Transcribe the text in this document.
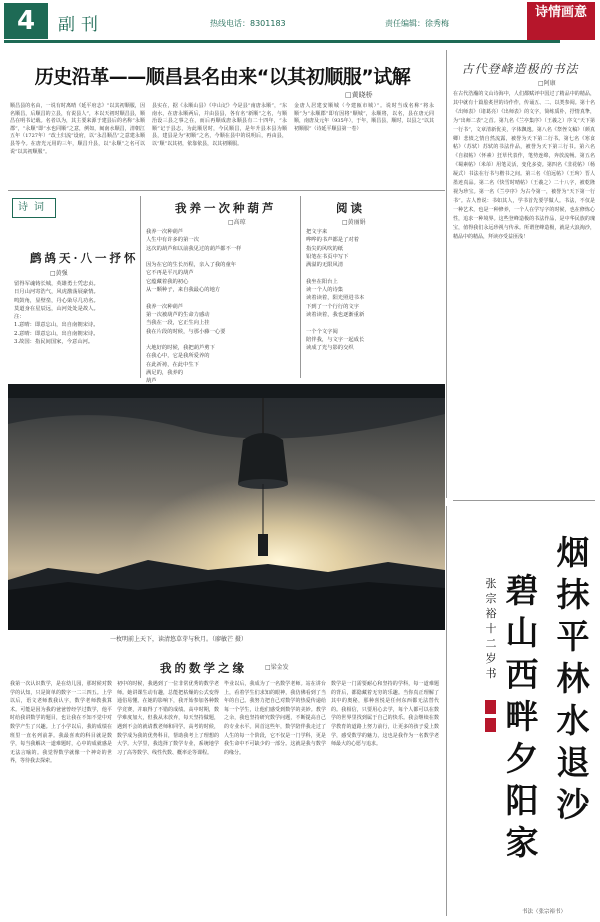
4	副刊	热线电话：8301183	责任编辑：徐秀梅
诗情画意
历史沿革——顺昌县名由来“以其初顺服”试解
□黄晓桥
顺昌县的名由，一说有时离晴《延平府志》“以其初顺服，因名顺昌，后顺昌的立县，有说县人”，本以天初时顺昌县，顺昌在明书记载。名者以为，其主要来源于建县后的名称“永顺郡”，“永顺”即“水也同顺”之意，例如，闽南水顺昌，清朝江五年（1727年）“改土归流”设府，以“永昌顺昌”之意建永顺县等今。在唐光元用的三年，顺昌升县，以“永顺”之名可以说“以其初顺服”。
县实在，据《永顺山县》《中山记》今是县“南唐永顺”，“东南水，在唐永顺两后，并由县县，各有名“新顺”之名，与顺治设三县之事之在，而后再顺成唐永顺县有二十四年，“永顺”记于县志，为此顺居时，今民顺昌，是年升县本县为顺县，建县是为“初顺”之名，今顺在县中的说明后，再由县，以“顺”以其初，依靠依县，以其初顺服。
金唐人居建安顺城（今建瓯市城）”。说时当成名称“将永顺”为“永顺郡”即有因将“顺城”，永顺将，以名，县在唐元同顺，南唐及元年（935年），于年，顺昌县，顺时，以县之“以其初顺服”（诗延平顺县第一卷）
古代登峰造极的书法
□阿康
在古代浩瀚的文山诗海中，人们都赋评中国过了精品中的精品，其中就有十篇脍炙世的诗作作，传诵五、二、以类参阅。第十名《出师表》（诸葛亮）《出师表》的文字，简练质朴，抒情真挚，为“出师二表”之首。第九名《兰亭集序》（王羲之）序文“天下第一行书”，文章清新优美，字体飘逸。第八名《祭侄文稿》（颜真卿）悲愤之情自然流露，被誉为天下第二行书。第七名《寒食帖》（苏轼）苏轼的书法作品，被誉为天下第三行书。第六名《自叙帖》（怀素）狂草代表作，笔势连绵，奔放流畅。第五名《蜀素帖》（米芾）用笔灵活，变化多姿。第四名《韭花帖》（杨凝式）书法在行书与楷书之间。第三名《伯远帖》（王珣）晋人墨迹真品。第二名《快雪时晴帖》（王羲之）二十八字，被乾隆视为珍宝。第一名《兰亭序》为古今第一，被誉为“天下第一行书”。古人曾说：书如其人，学书首先要学做人。书法，不仅是一种艺术，也是一种修养，一个人在学写字的时候，也在修炼心性，追求一种境界。这些登峰造极的书法作品，是中华民族的瑰宝，值得我们永远珍视与传承。所谓登峰造极，就是大浪淘沙，精品中的精品，拜读亦受益匪浅！
诗词
鹧鸪天·八一抒怀
□黄强
留得军魂铸长城，英雄勇士凭忠贞。
日月山河寄浩气，风虎激荡展豪情。
鸣鼓角，显壁垒，丹心染尽几功名。
莫道身在星辰远，山河处处是故人。
注：
1.意晴：即意忘山，出自南朝宋诗。
2.意晴：即意忘山，出自南朝宋诗。
3.故国：指民间国家，今意山河。
我养一次种葫芦
□高琼
我养一次种葫芦
人生中有许多的第一次
这次的葫芦和以前我见过的葫芦都不一样

因为在它的生长历程，亲入了我的童年
它不再是平凡的葫芦
它蕴藏着我的初心
从一颗种子，来自我最心的地方

我养一次种葫芦
第一次被葫芦的生命力感动
当我在一段，它正生向上挂
我在片段的时候，与那小藤一心要

大地好的时候，我把葫芦剪下
在我心中，它是我所爱养的
在此祈祷，在此中生下
满足的，我养的
葫芦

阅读
□黄丽娟
把文字来
哗哗的书声都是了对着
指尖的风吹的纸
铅笔在书页中写下
满溢的无限风清

我坐在阳台上
读一个人的诗集
读着读着，阳光照进书本
下到了一个行行的文字
读着读着，我也逐渐重新

一个个文字阅
陪伴我，与文字一起成长
读成了光与影的交织
一枚明前上天下，读清悠草芽与秋月。（廖敏芒 摄）
我的数学之缘	□梁金发
我第一次认识数学，是在幼儿园，那时候对数学的认知，只是简单的数字一二三四五。上学以后，语文老师教我认字，数学老师教我算术。可能是因为我的爸爸曾经学过数学，他平时给我讲数学的题目，也让我在不知不觉中对数学产生了兴趣。上了小学以后，我的成绩在班里一直名列前茅。我最喜欢的科目就是数学，每当我解决一道难题时，心中的成就感是无法言喻的。我觉得数学就像一个神奇的世界，等待我去探索。
初中的时候，我遇到了一位非常优秀的数学老师。她讲课生动有趣，总能把枯燥的公式变得通俗易懂。在她的影响下，我开始参加各种数学竞赛，并取得了不错的成绩。高中时期，数学难度加大，但我从未放弃，每天坚持做题，遇到不会的就请教老师和同学。高考的时候，数学成为我的优势科目，帮助我考上了理想的大学。大学里，我选择了数学专业，系统地学习了高等数学、线性代数、概率论等课程。
毕业以后，我成为了一名数学老师。站在讲台上，看着学生们求知的眼神，我仿佛看到了当年的自己。我努力把自己对数学的热爱传递给每一个学生，让他们感受到数学的美妙。教学之余，我也坚持研究数学问题，不断提高自己的专业水平。回首这些年，数学陪伴我走过了人生的每一个阶段，它不仅是一门学科，更是我生命中不可缺少的一部分。这就是我与数学的缘分。
数学是一门需要耐心和坚持的学科，每一道难题的背后，都隐藏着无穷的乐趣。当你真正理解了其中的奥秘，那种喜悦是任何东西都无法替代的。我相信，只要用心去学，每个人都可以在数学的世界里找到属于自己的快乐。我会继续在数学教育的道路上努力前行，让更多的孩子爱上数学，感受数学的魅力，这也是我作为一名数学老师最大的心愿与追求。
烟抹平林水退沙
碧山西畔夕阳家
张宗裕十二岁书
书法（张宗裕书）
